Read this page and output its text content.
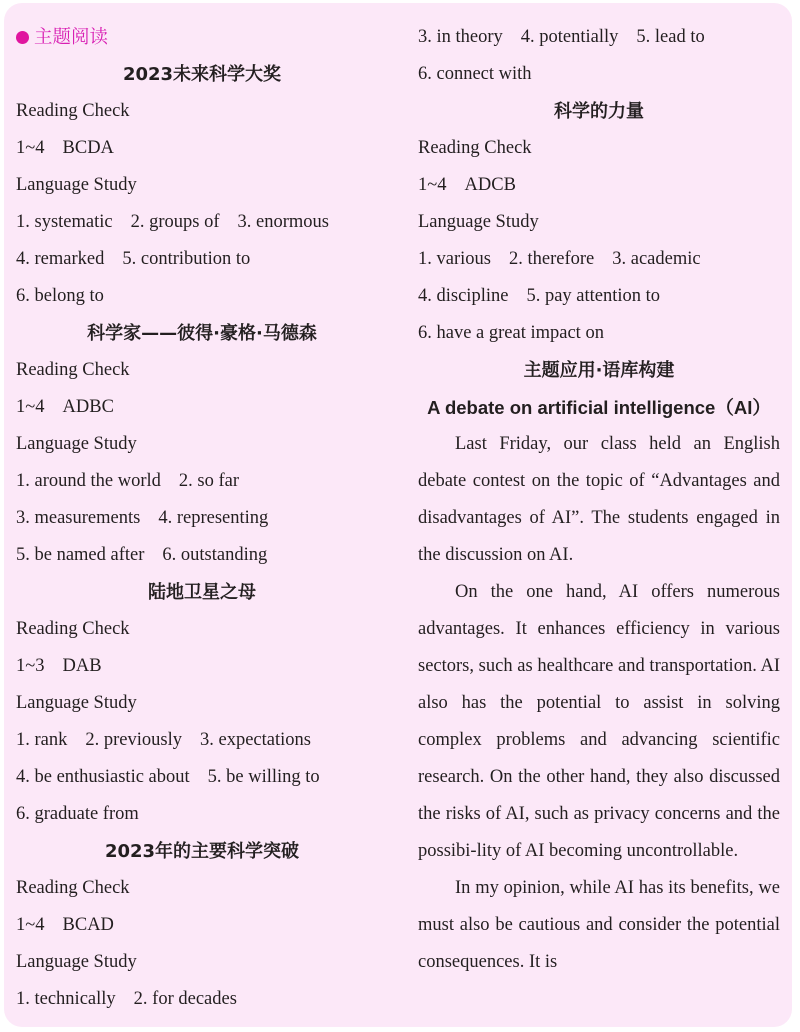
主题阅读
2023未来科学大奖
Reading Check
1~4 BCDA
Language Study
1. systematic 2. groups of 3. enormous
4. remarked 5. contribution to
6. belong to
科学家——彼得·豪格·马德森
Reading Check
1~4 ADBC
Language Study
1. around the world 2. so far
3. measurements 4. representing
5. be named after 6. outstanding
陆地卫星之母
Reading Check
1~3 DAB
Language Study
1. rank 2. previously 3. expectations
4. be enthusiastic about 5. be willing to
6. graduate from
2023年的主要科学突破
Reading Check
1~4 BCAD
Language Study
1. technically 2. for decades
3. in theory 4. potentially 5. lead to
6. connect with
科学的力量
Reading Check
1~4 ADCB
Language Study
1. various 2. therefore 3. academic
4. discipline 5. pay attention to
6. have a great impact on
主题应用·语库构建
A debate on artificial intelligence（AI）

Last Friday, our class held an English debate contest on the topic of “Advantages and disadvantages of AI”. The students engaged in the discussion on AI.

On the one hand, AI offers numerous advantages. It enhances efficiency in various sectors, such as healthcare and transportation. AI also has the potential to assist in solving complex problems and advancing scientific research. On the other hand, they also discussed the risks of AI, such as privacy concerns and the possibi-lity of AI becoming uncontrollable.

In my opinion, while AI has its benefits, we must also be cautious and consider the potential consequences. It is
